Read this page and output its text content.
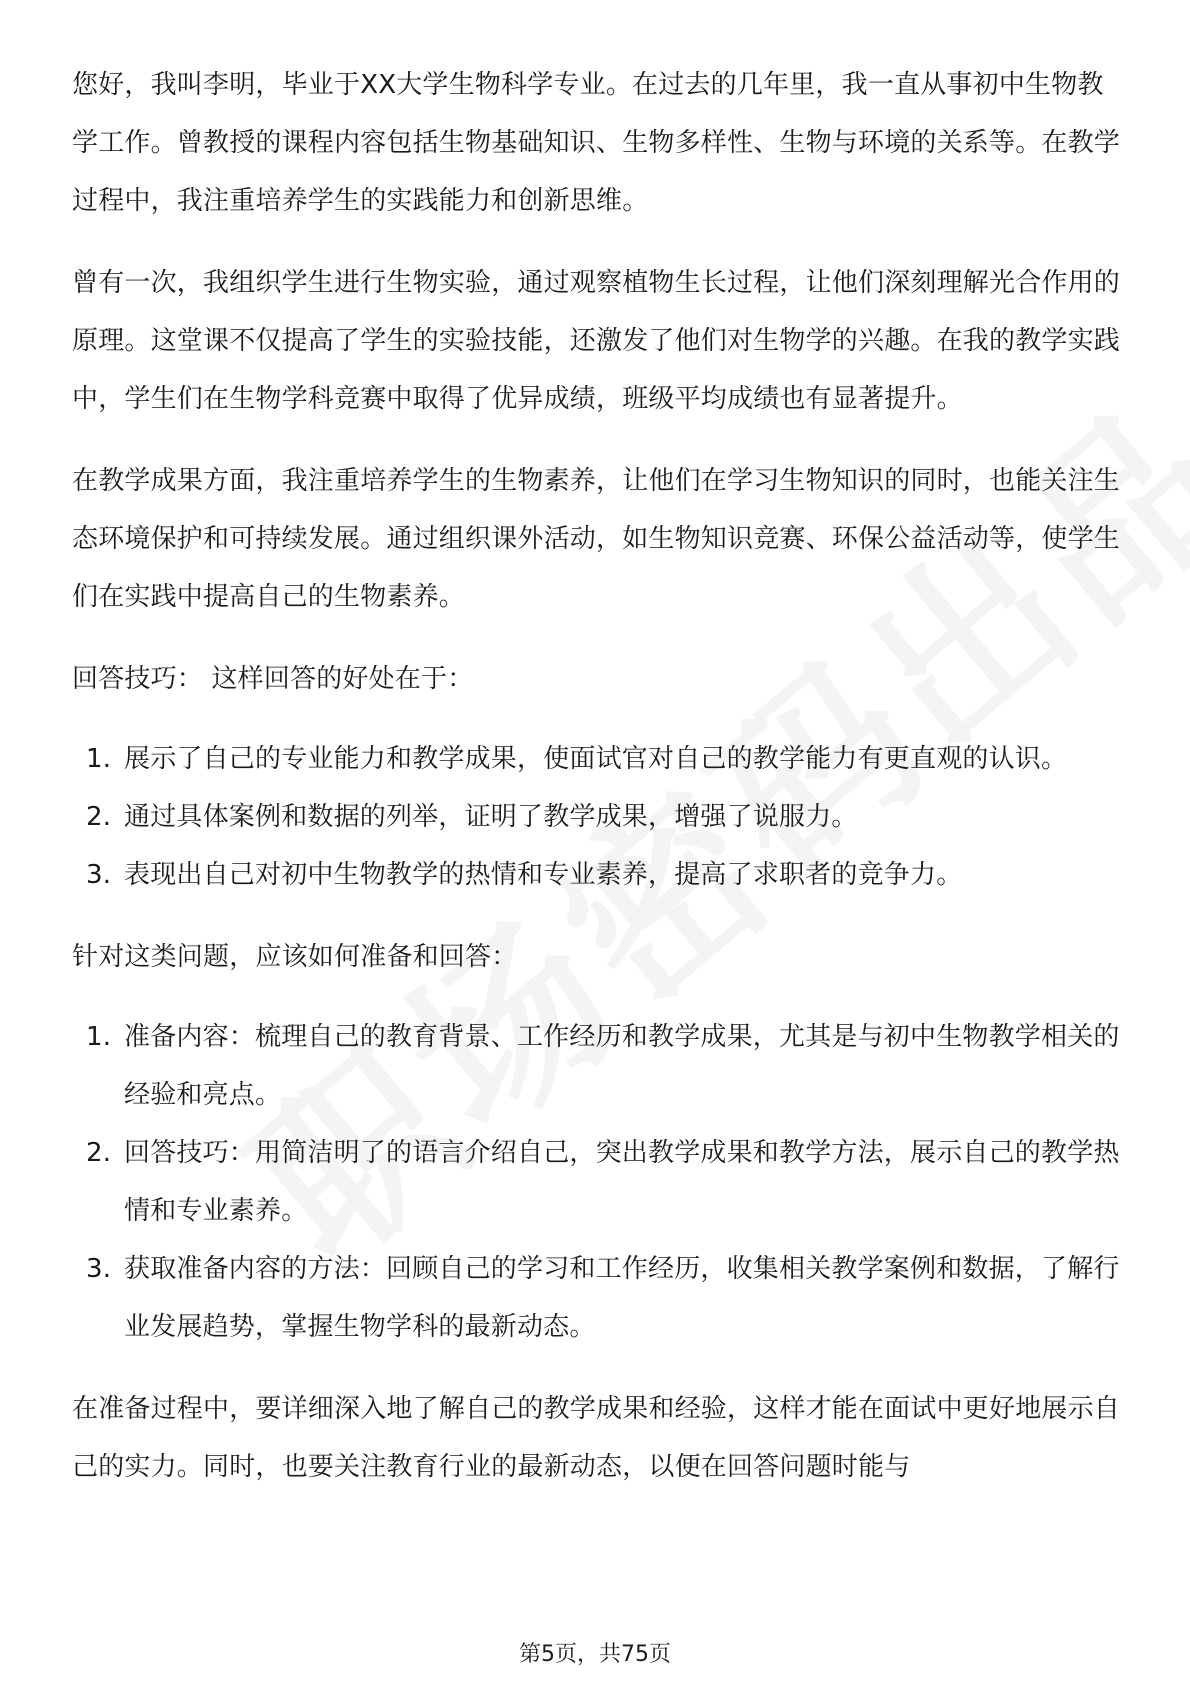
您好，我叫李明，毕业于XX大学生物科学专业。在过去的几年里，我一直从事初中生物教学工作。曾教授的课程内容包括生物基础知识、生物多样性、生物与环境的关系等。在教学过程中，我注重培养学生的实践能力和创新思维。

曾有一次，我组织学生进行生物实验，通过观察植物生长过程，让他们深刻理解光合作用的原理。这堂课不仅提高了学生的实验技能，还激发了他们对生物学的兴趣。在我的教学实践中，学生们在生物学科竞赛中取得了优异成绩，班级平均成绩也有显著提升。

在教学成果方面，我注重培养学生的生物素养，让他们在学习生物知识的同时，也能关注生态环境保护和可持续发展。通过组织课外活动，如生物知识竞赛、环保公益活动等，使学生们在实践中提高自己的生物素养。

回答技巧： 这样回答的好处在于：

1. 展示了自己的专业能力和教学成果，使面试官对自己的教学能力有更直观的认识。
2. 通过具体案例和数据的列举，证明了教学成果，增强了说服力。
3. 表现出自己对初中生物教学的热情和专业素养，提高了求职者的竞争力。

针对这类问题，应该如何准备和回答：

1. 准备内容：梳理自己的教育背景、工作经历和教学成果，尤其是与初中生物教学相关的经验和亮点。
2. 回答技巧：用简洁明了的语言介绍自己，突出教学成果和教学方法，展示自己的教学热情和专业素养。
3. 获取准备内容的方法：回顾自己的学习和工作经历，收集相关教学案例和数据，了解行业发展趋势，掌握生物学科的最新动态。

在准备过程中，要详细深入地了解自己的教学成果和经验，这样才能在面试中更好地展示自己的实力。同时，也要关注教育行业的最新动态，以便在回答问题时能与

第5页，共75页
